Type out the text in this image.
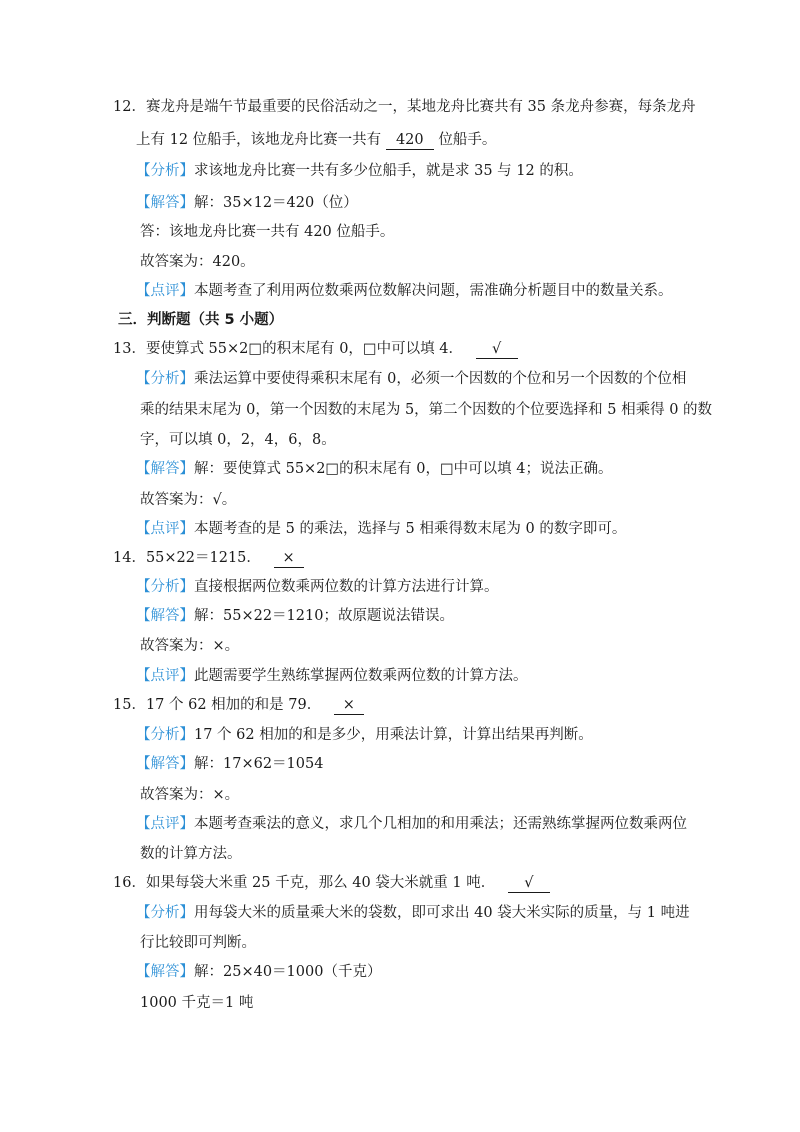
12．赛龙舟是端午节最重要的民俗活动之一，某地龙舟比赛共有 35 条龙舟参赛，每条龙舟
上有 12 位船手，该地龙舟比赛一共有 420 位船手。
【分析】求该地龙舟比赛一共有多少位船手，就是求 35 与 12 的积。
【解答】解：35×12＝420（位）
答：该地龙舟比赛一共有 420 位船手。
故答案为：420。
【点评】本题考查了利用两位数乘两位数解决问题，需准确分析题目中的数量关系。
三．判断题（共 5 小题）
13．要使算式 55×2□的积末尾有 0，□中可以填 4． √
【分析】乘法运算中要使得乘积末尾有 0，必须一个因数的个位和另一个因数的个位相
乘的结果末尾为 0，第一个因数的末尾为 5，第二个因数的个位要选择和 5 相乘得 0 的数
字，可以填 0，2，4，6，8。
【解答】解：要使算式 55×2□的积末尾有 0，□中可以填 4；说法正确。
故答案为：√。
【点评】本题考查的是 5 的乘法，选择与 5 相乘得数末尾为 0 的数字即可。
14．55×22＝1215． ×
【分析】直接根据两位数乘两位数的计算方法进行计算。
【解答】解：55×22＝1210；故原题说法错误。
故答案为：×。
【点评】此题需要学生熟练掌握两位数乘两位数的计算方法。
15．17 个 62 相加的和是 79． ×
【分析】17 个 62 相加的和是多少，用乘法计算，计算出结果再判断。
【解答】解：17×62＝1054
故答案为：×。
【点评】本题考查乘法的意义，求几个几相加的和用乘法；还需熟练掌握两位数乘两位
数的计算方法。
16．如果每袋大米重 25 千克，那么 40 袋大米就重 1 吨． √
【分析】用每袋大米的质量乘大米的袋数，即可求出 40 袋大米实际的质量，与 1 吨进
行比较即可判断。
【解答】解：25×40＝1000（千克）
1000 千克＝1 吨
